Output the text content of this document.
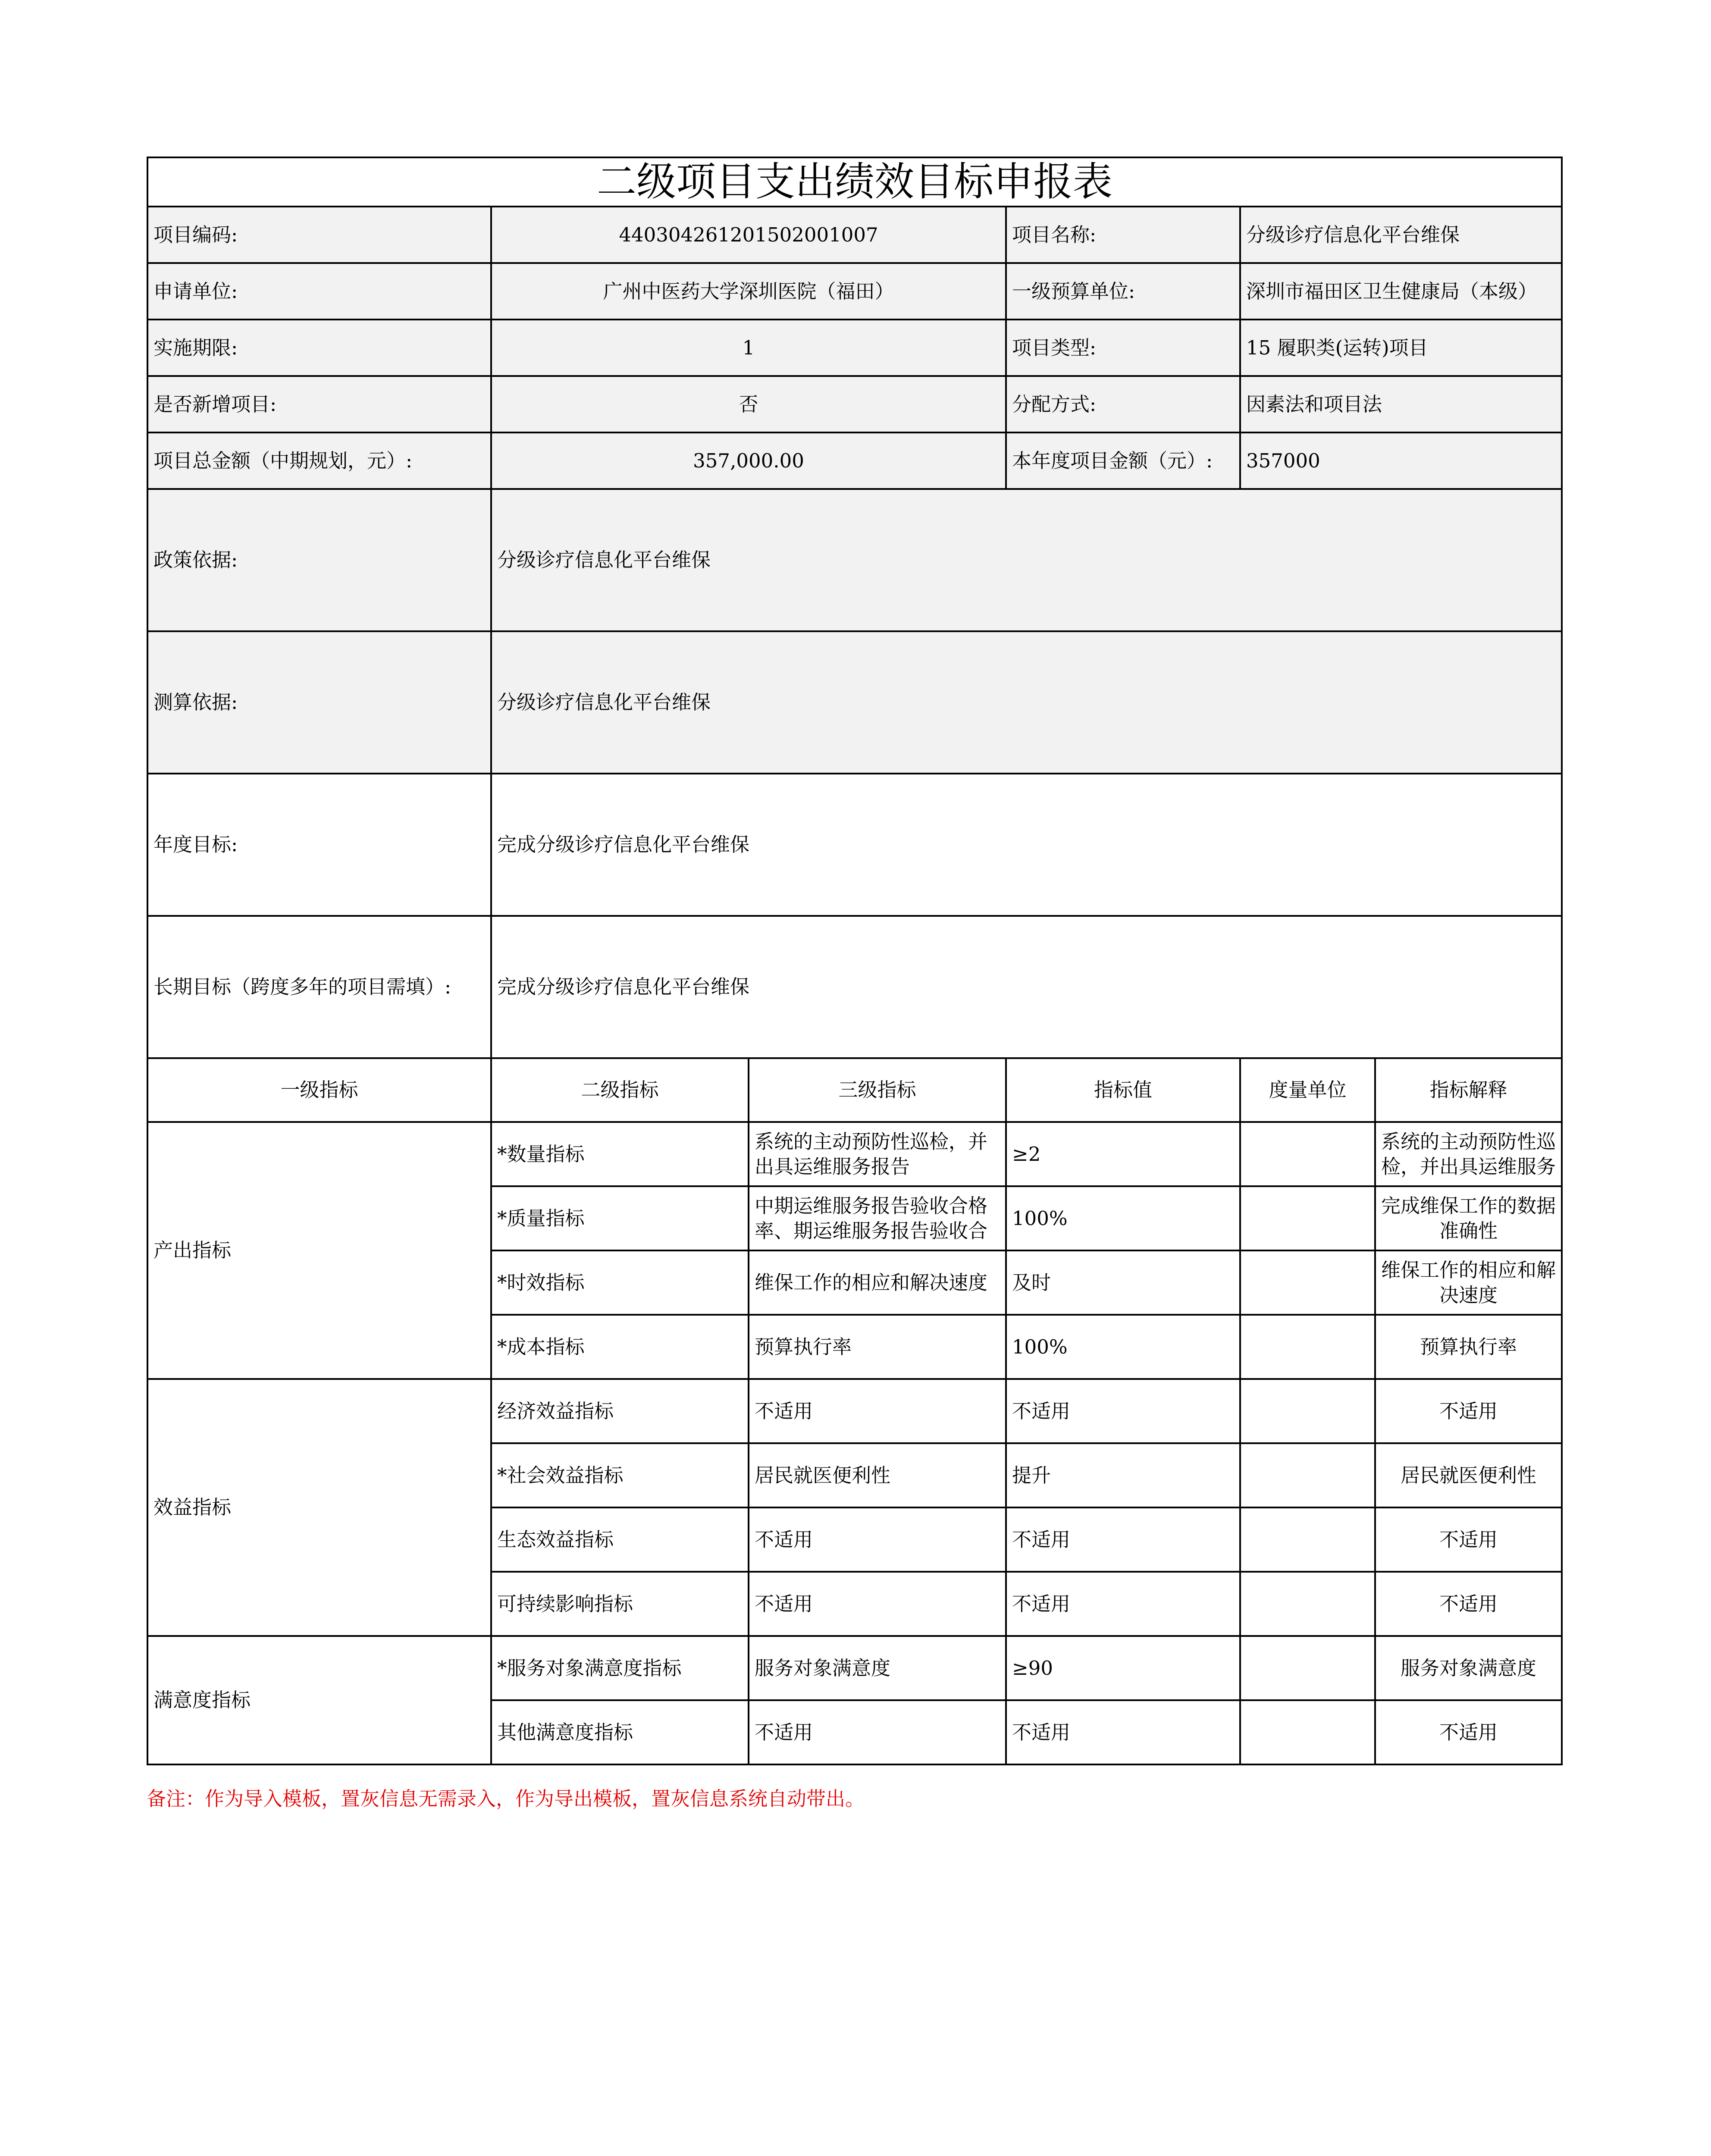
二级项目支出绩效目标申报表					
项目编码:	440304261201502001007		项目名称:	分级诊疗信息化平台维保	
申请单位:	广州中医药大学深圳医院（福田）		一级预算单位:	深圳市福田区卫生健康局（本级）	
实施期限:	1		项目类型:	15 履职类(运转)项目	
是否新增项目:	否		分配方式:	因素法和项目法	
项目总金额（中期规划，元）:	357,000.00		本年度项目金额（元）:	357000	
政策依据:	分级诊疗信息化平台维保				
测算依据:	分级诊疗信息化平台维保				
年度目标:	完成分级诊疗信息化平台维保				
长期目标（跨度多年的项目需填）:	完成分级诊疗信息化平台维保				
一级指标	二级指标	三级指标	指标值	度量单位	指标解释
产出指标	*数量指标	系统的主动预防性巡检，并出具运维服务报告	≥2		系统的主动预防性巡检，并出具运维服务

	*质量指标	中期运维服务报告验收合格率、期运维服务报告验收合	100%		完成维保工作的数据准确性

	*时效指标	维保工作的相应和解决速度	及时		维保工作的相应和解决速度

	*成本指标	预算执行率	100%		预算执行率

效益指标	经济效益指标	不适用	不适用		不适用

	*社会效益指标	居民就医便利性	提升		居民就医便利性

	生态效益指标	不适用	不适用		不适用

	可持续影响指标	不适用	不适用		不适用

满意度指标	*服务对象满意度指标	服务对象满意度	≥90		服务对象满意度

	其他满意度指标	不适用	不适用		不适用
备注：作为导入模板，置灰信息无需录入，作为导出模板，置灰信息系统自动带出。
